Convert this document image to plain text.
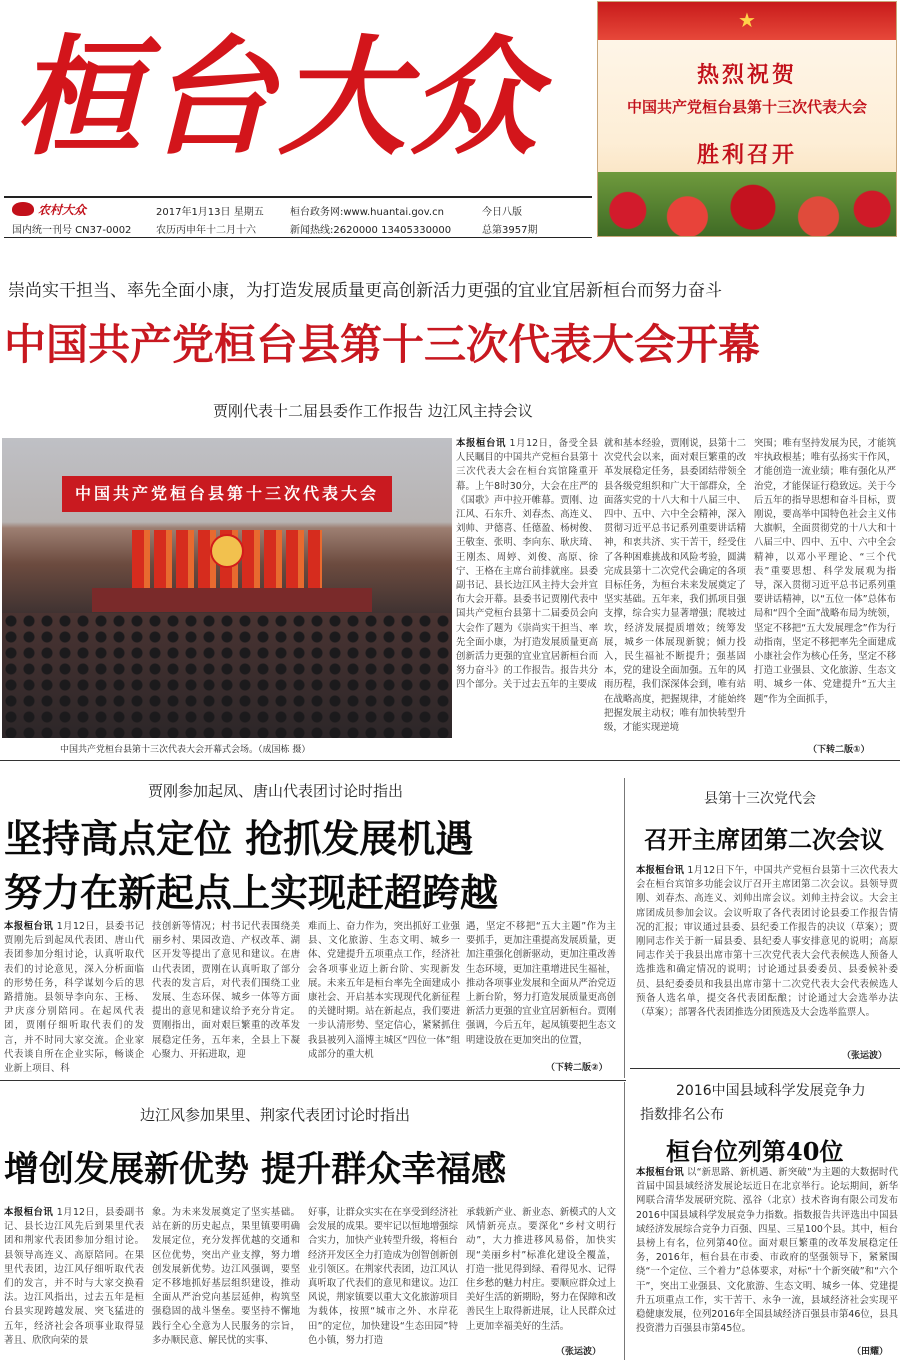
桓台大众
★
热烈祝贺
中国共产党桓台县第十三次代表大会
胜利召开
农村大众
国内统一刊号 CN37-0002
2017年1月13日 星期五
农历丙申年十二月十六
桓台政务网:www.huantai.gov.cn
新闻热线:2620000 13405330000
今日八版
总第3957期
崇尚实干担当、率先全面小康，为打造发展质量更高创新活力更强的宜业宜居新桓台而努力奋斗
中国共产党桓台县第十三次代表大会开幕
贾刚代表十二届县委作工作报告 边江风主持会议
中国共产党桓台县第十三次代表大会
中国共产党桓台县第十三次代表大会开幕式会场。（成国栋 摄）
本报桓台讯 1月12日，备受全县人民瞩目的中国共产党桓台县第十三次代表大会在桓台宾馆隆重开幕。上午8时30分，大会在庄严的《国歌》声中拉开帷幕。贾刚、边江风、石东升、刘春杰、高连义、刘帅、尹德喜、任德盈、杨树俊、王敬奎、张明、李向东、耿庆琦、王刚杰、周婷、刘俊、高原、徐宁、王格在主席台前排就座。县委副书记、县长边江风主持大会并宣布大会开幕。县委书记贾刚代表中国共产党桓台县第十二届委员会向大会作了题为《崇尚实干担当、率先全面小康，为打造发展质量更高创新活力更强的宜业宜居新桓台而努力奋斗》的工作报告。报告共分四个部分。关于过去五年的主要成
就和基本经验，贾刚说，县第十二次党代会以来，面对艰巨繁重的改革发展稳定任务，县委团结带领全县各级党组织和广大干部群众，全面落实党的十八大和十八届三中、四中、五中、六中全会精神，深入贯彻习近平总书记系列重要讲话精神，和衷共济、实干苦干，经受住了各种困难挑战和风险考验，圆满完成县第十二次党代会确定的各项目标任务，为桓台未来发展奠定了坚实基础。五年来，我们抓项目强支撑，综合实力显著增强；爬坡过坎，经济发展提质增效；统筹发展，城乡一体展现新貌；倾力投入，民生福祉不断提升；强基固本，党的建设全面加强。五年的风雨历程，我们深深体会到，唯有站在战略高度，把握规律，才能始终把握发展主动权；唯有加快转型升级，才能实现逆境
突围；唯有坚持发展为民，才能筑牢执政根基；唯有弘扬实干作风，才能创造一流业绩；唯有强化从严治党，才能保证行稳致远。关于今后五年的指导思想和奋斗目标，贾刚说，要高举中国特色社会主义伟大旗帜，全面贯彻党的十八大和十八届三中、四中、五中、六中全会精神，以邓小平理论、“三个代表”重要思想、科学发展观为指导，深入贯彻习近平总书记系列重要讲话精神，以“五位一体”总体布局和“四个全面”战略布局为统领，坚定不移把“五大发展理念”作为行动指南，坚定不移把率先全面建成小康社会作为核心任务，坚定不移打造工业强县、文化旅游、生态文明、城乡一体、党建提升“五大主题”作为全面抓手，
（下转二版①）
贾刚参加起凤、唐山代表团讨论时指出
坚持高点定位 抢抓发展机遇
努力在新起点上实现赶超跨越
本报桓台讯 1月12日，县委书记贾刚先后到起凤代表团、唐山代表团参加分组讨论，认真听取代表们的讨论意见，深入分析面临的形势任务，科学谋划今后的思路措施。县领导李向东、王杨、尹庆彦分别陪同。在起凤代表团，贾刚仔细听取代表们的发言，并不时同大家交流。企业家代表谈自所在企业实际，畅谈企业新上项目、科
技创新等情况；村书记代表围绕美丽乡村、果园改造、产权改革、湖区开发等提出了意见和建议。在唐山代表团，贾刚在认真听取了部分代表的发言后，对代表们围绕工业发展、生态环保、城乡一体等方面提出的意见和建议给予充分肯定。贾刚指出，面对艰巨繁重的改革发展稳定任务，五年来，全县上下凝心聚力、开拓进取，迎
难而上、奋力作为，突出抓好工业强县、文化旅游、生态文明、城乡一体、党建提升五项重点工作，经济社会各项事业迈上新台阶、实现新发展。未来五年是桓台率先全面建成小康社会、开启基本实现现代化新征程的关键时期。站在新起点，我们要进一步认清形势、坚定信心，紧紧抓住我县被列入淄博主城区“四位一体”组成部分的重大机
遇，坚定不移把“五大主题”作为主要抓手，更加注重提高发展质量，更加注重强化创新驱动，更加注重改善生态环境，更加注重增进民生福祉，推动各项事业发展和全面从严治党迈上新台阶，努力打造发展质量更高创新活力更强的宜业宜居新桓台。贾刚强调，今后五年，起凤镇要把生态文明建设放在更加突出的位置，
（下转二版②）
县第十三次党代会
召开主席团第二次会议
本报桓台讯 1月12日下午，中国共产党桓台县第十三次代表大会在桓台宾馆多功能会议厅召开主席团第二次会议。县领导贾刚、刘春杰、高连义、刘帅出席会议。刘帅主持会议。大会主席团成员参加会议。会议听取了各代表团讨论县委工作报告情况的汇报；审议通过县委、县纪委工作报告的决议（草案）；贾刚同志作关于新一届县委、县纪委人事安排意见的说明；高原同志作关于我县出席市第十三次党代表大会代表候选人预备人选推选和确定情况的说明；讨论通过县委委员、县委候补委员、县纪委委员和我县出席市第十二次党代表大会代表候选人预备人选名单，提交各代表团酝酿；讨论通过大会选举办法（草案）；部署各代表团推选分团预选及大会选举监票人。
（张运波）
边江风参加果里、荆家代表团讨论时指出
增创发展新优势 提升群众幸福感
本报桓台讯 1月12日，县委副书记、县长边江风先后到果里代表团和荆家代表团参加分组讨论。县领导高连义、高原陪同。在果里代表团，边江风仔细听取代表们的发言，并不时与大家交换看法。边江风指出，过去五年是桓台县实现跨越发展、突飞猛进的五年，经济社会各项事业取得显著且、欣欣向荣的景
象。为未来发展奠定了坚实基础。站在新的历史起点，果里镇要明确发展定位，充分发挥优越的交通和区位优势，突出产业支撑，努力增创发展新优势。边江风强调，要坚定不移地抓好基层组织建设，推动全面从严治党向基层延伸，构筑坚强稳固的战斗堡垒。要坚持不懈地践行全心全意为人民服务的宗旨，多办顺民意、解民忧的实事、
好事，让群众实实在在享受到经济社会发展的成果。要牢记以恒地增强综合实力，加快产业转型升级，将桓台经济开发区全力打造成为创智创新创业引领区。在荆家代表团，边江风认真听取了代表们的意见和建议。边江风说，荆家镇要以重大文化旅游项目为载体，按照“城市之外、水岸花田”的定位，加快建设“生态田园”特色小镇，努力打造
承载新产业、新业态、新模式的人文风情新亮点。要深化“乡村文明行动”，大力推进移风易俗，加快实现“美丽乡村”标准化建设全覆盖，打造一批见得到绿、看得见水、记得住乡愁的魅力村庄。要顺应群众过上美好生活的新期盼，努力在保障和改善民生上取得新进展，让人民群众过上更加幸福美好的生活。
（张运波）
2016中国县域科学发展竞争力
指数排名公布
桓台位列第40位
本报桓台讯 以“新思路、新机遇、新突破”为主题的大数据时代首届中国县域经济发展论坛近日在北京举行。论坛期间，新华网联合清华发展研究院、泓谷（北京）技术咨询有限公司发布2016中国县域科学发展竞争力指数。指数报告共评选出中国县域经济发展综合竞争力百强、四星、三星100个县。其中，桓台县榜上有名，位列第40位。面对艰巨繁重的改革发展稳定任务，2016年，桓台县在市委、市政府的坚强领导下，紧紧围绕“一个定位、三个着力”总体要求，对标“十个新突破”和“六个干”，突出工业强县、文化旅游、生态文明、城乡一体、党建提升五项重点工作，实干苦干、永争一流，县域经济社会实现平稳健康发展，位列2016年全国县域经济百强县市第46位，县具投资潜力百强县市第45位。
（田耀）
